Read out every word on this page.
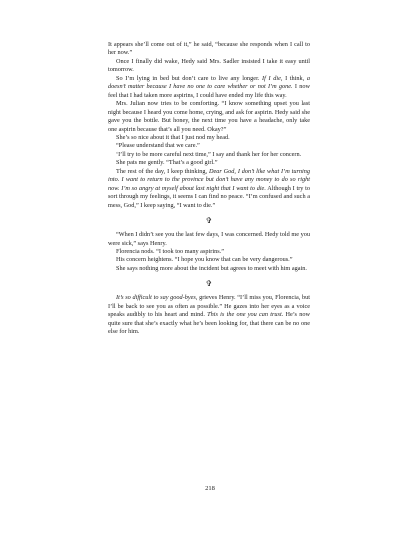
It appears she’ll come out of it,” he said, “because she responds when I call to her now.”

Once I finally did wake, Hedy said Mrs. Sadler insisted I take it easy until tomorrow.

So I’m lying in bed but don’t care to live any longer. If I die, I think, a doesn’t matter because I have no one to care whether or not I’m gone. I now feel that I had taken more aspirins, I could have ended my life this way.

Mrs. Julian now tries to be comforting. “I know something upset you last night because I heard you come home, crying, and ask for aspirin. Hedy said she gave you the bottle. But honey, the next time you have a headache, only take one aspirin because that’s all you need. Okay?”

She’s so nice about it that I just nod my head.

“Please understand that we care.”

‘I’ll try to be more careful next time,” I say and thank her for her concern.

She pats me gently. “That’s a good girl.”

The rest of the day, I keep thinking, Dear God, I don’t like what I’m turning into. I want to return to the province but don’t have any money to do so right now. I’m so angry at myself about last night that I want to die. Although I try to sort through my feelings, it seems I can find no peace. “I’m confused and such a mess, God,” I keep saying, “I want to die.”

✞

“When I didn’t see you the last few days, I was concerned. Hedy told me you were sick,” says Henry.

Florencia nods. “I took too many aspirins.”

His concern heightens. “I hope you know that can be very dangerous.”

She says nothing more about the incident but agrees to meet with him again.

✞

It’s so difficult to say good-byes, grieves Henry. “I’ll miss you, Florencia, but I’ll be back to see you as often as possible.” He gazes into her eyes as a voice speaks audibly to his heart and mind. This is the one you can trust. He’s now quite sure that she’s exactly what he’s been looking for, that there can be no one else for him.

218
